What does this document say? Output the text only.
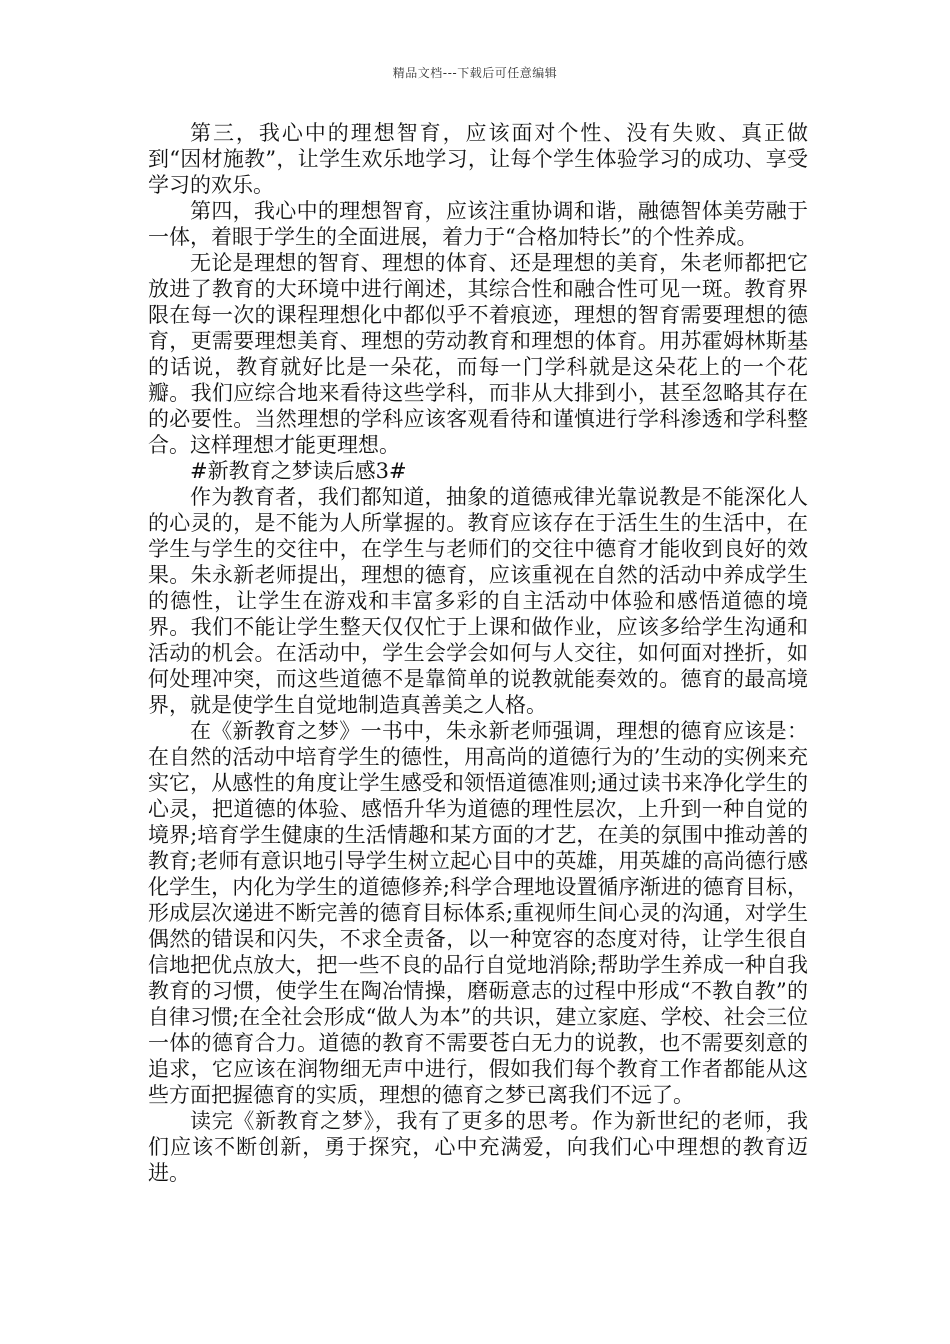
精品文档---下载后可任意编辑

第三，我心中的理想智育，应该面对个性、没有失败、真正做到“因材施教”，让学生欢乐地学习，让每个学生体验学习的成功、享受学习的欢乐。

第四，我心中的理想智育，应该注重协调和谐，融德智体美劳融于一体，着眼于学生的全面进展，着力于“合格加特长”的个性养成。

无论是理想的智育、理想的体育、还是理想的美育，朱老师都把它放进了教育的大环境中进行阐述，其综合性和融合性可见一斑。教育界限在每一次的课程理想化中都似乎不着痕迹，理想的智育需要理想的德育，更需要理想美育、理想的劳动教育和理想的体育。用苏霍姆林斯基的话说，教育就好比是一朵花，而每一门学科就是这朵花上的一个花瓣。我们应综合地来看待这些学科，而非从大排到小，甚至忽略其存在的必要性。当然理想的学科应该客观看待和谨慎进行学科渗透和学科整合。这样理想才能更理想。

#新教育之梦读后感3#

作为教育者，我们都知道，抽象的道德戒律光靠说教是不能深化人的心灵的，是不能为人所掌握的。教育应该存在于活生生的生活中，在学生与学生的交往中，在学生与老师们的交往中德育才能收到良好的效果。朱永新老师提出，理想的德育，应该重视在自然的活动中养成学生的德性，让学生在游戏和丰富多彩的自主活动中体验和感悟道德的境界。我们不能让学生整天仅仅忙于上课和做作业，应该多给学生沟通和活动的机会。在活动中，学生会学会如何与人交往，如何面对挫折，如何处理冲突，而这些道德不是靠简单的说教就能奏效的。德育的最高境界，就是使学生自觉地制造真善美之人格。

在《新教育之梦》一书中，朱永新老师强调，理想的德育应该是：在自然的活动中培育学生的德性，用高尚的道德行为的’生动的实例来充实它，从感性的角度让学生感受和领悟道德准则;通过读书来净化学生的心灵，把道德的体验、感悟升华为道德的理性层次，上升到一种自觉的境界;培育学生健康的生活情趣和某方面的才艺，在美的氛围中推动善的教育;老师有意识地引导学生树立起心目中的英雄，用英雄的高尚德行感化学生，内化为学生的道德修养;科学合理地设置循序渐进的德育目标，形成层次递进不断完善的德育目标体系;重视师生间心灵的沟通，对学生偶然的错误和闪失，不求全责备，以一种宽容的态度对待，让学生很自信地把优点放大，把一些不良的品行自觉地消除;帮助学生养成一种自我教育的习惯，使学生在陶冶情操，磨砺意志的过程中形成“不教自教”的自律习惯;在全社会形成“做人为本”的共识，建立家庭、学校、社会三位一体的德育合力。道德的教育不需要苍白无力的说教，也不需要刻意的追求，它应该在润物细无声中进行，假如我们每个教育工作者都能从这些方面把握德育的实质，理想的德育之梦已离我们不远了。

读完《新教育之梦》，我有了更多的思考。作为新世纪的老师，我们应该不断创新，勇于探究，心中充满爱，向我们心中理想的教育迈进。
